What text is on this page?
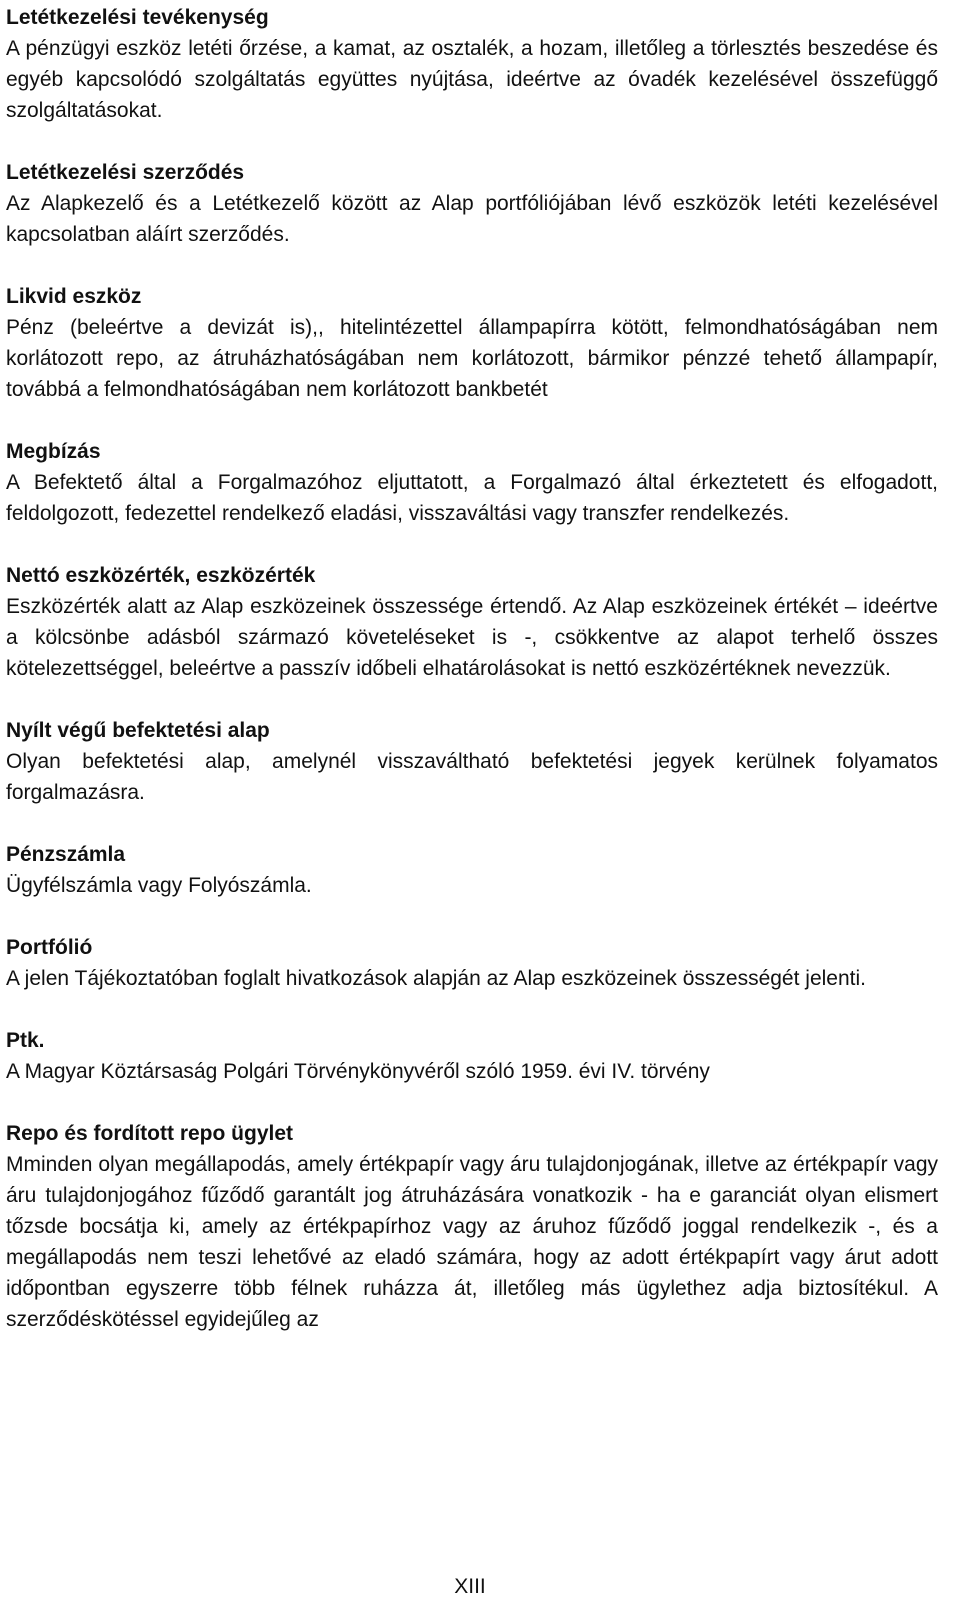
Letétkezelési tevékenység

A pénzügyi eszköz letéti őrzése, a kamat, az osztalék, a hozam, illetőleg a törlesztés beszedése és egyéb kapcsolódó szolgáltatás együttes nyújtása, ideértve az óvadék kezelésével összefüggő szolgáltatásokat.

Letétkezelési szerződés

Az Alapkezelő és a Letétkezelő között az Alap portfóliójában lévő eszközök letéti kezelésével kapcsolatban aláírt szerződés.

Likvid eszköz

Pénz (beleértve a devizát is),, hitelintézettel állampapírra kötött, felmondhatóságában nem korlátozott repo, az átruházhatóságában nem korlátozott, bármikor pénzzé tehető állampapír, továbbá a felmondhatóságában nem korlátozott bankbetét

Megbízás

A Befektető által a Forgalmazóhoz eljuttatott, a Forgalmazó által érkeztetett és elfogadott, feldolgozott, fedezettel rendelkező eladási, visszaváltási vagy transzfer rendelkezés.

Nettó eszközérték, eszközérték

Eszközérték alatt az Alap eszközeinek összessége értendő. Az Alap eszközeinek értékét – ideértve a kölcsönbe adásból származó követeléseket is -, csökkentve az alapot terhelő összes kötelezettséggel, beleértve a passzív időbeli elhatárolásokat is nettó eszközértéknek nevezzük.

Nyílt végű befektetési alap

Olyan befektetési alap, amelynél visszaváltható befektetési jegyek kerülnek folyamatos forgalmazásra.

Pénzszámla

Ügyfélszámla vagy Folyószámla.

Portfólió

A jelen Tájékoztatóban foglalt hivatkozások alapján az Alap eszközeinek összességét jelenti.

Ptk.

A Magyar Köztársaság Polgári Törvénykönyvéről szóló 1959. évi IV. törvény

Repo és fordított repo ügylet

Mminden olyan megállapodás, amely értékpapír vagy áru tulajdonjogának, illetve az értékpapír vagy áru tulajdonjogához fűződő garantált jog átruházására vonatkozik - ha e garanciát olyan elismert tőzsde bocsátja ki, amely az értékpapírhoz vagy az áruhoz fűződő joggal rendelkezik -, és a megállapodás nem teszi lehetővé az eladó számára, hogy az adott értékpapírt vagy árut adott időpontban egyszerre több félnek ruházza át, illetőleg más ügylethez adja biztosítékul. A szerződéskötéssel egyidejűleg az

XIII
